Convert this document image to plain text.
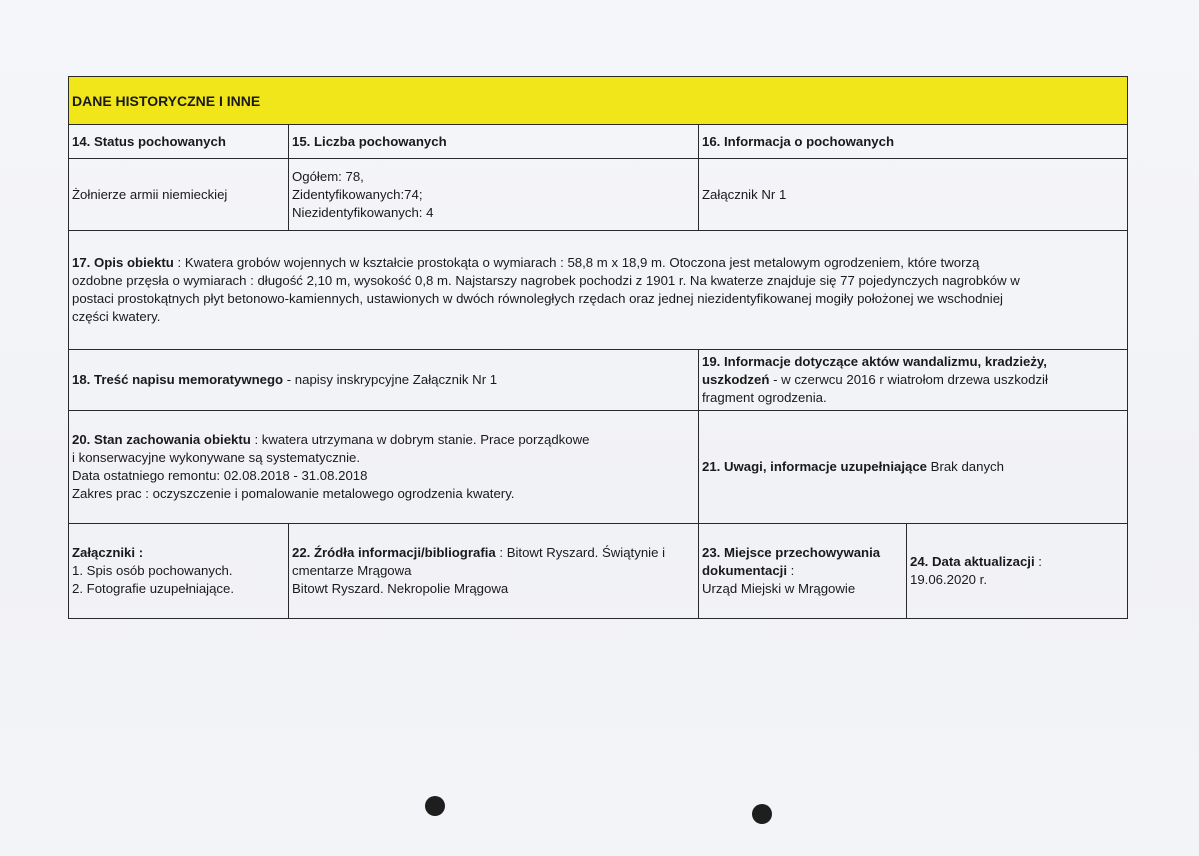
DANE HISTORYCZNE I INNE			
14. Status pochowanych	15. Liczba pochowanych	16. Informacja o pochowanych	
Żołnierze armii niemieckiej	Ogółem: 78,
Zidentyfikowanych:74;
Niezidentyfikowanych: 4	Załącznik Nr 1	

17. Opis obiektu : Kwatera grobów wojennych w kształcie prostokąta o wymiarach : 58,8 m x 18,9 m. Otoczona jest metalowym ogrodzeniem, które tworzą
ozdobne przęsła o wymiarach : długość 2,10 m, wysokość 0,8 m. Najstarszy nagrobek pochodzi z 1901 r. Na kwaterze znajduje się 77 pojedynczych nagrobków w
postaci prostokątnych płyt betonowo-kamiennych, ustawionych w dwóch równoległych rzędach oraz jednej niezidentyfikowanej mogiły położonej we wschodniej
części kwatery.			

18. Treść napisu memoratywnego - napisy inskrypcyjne Załącznik Nr 1		19. Informacje dotyczące aktów wandalizmu, kradzieży,
uszkodzeń - w czerwcu 2016 r wiatrołom drzewa uszkodził
fragment ogrodzenia.	

20. Stan zachowania obiektu : kwatera utrzymana w dobrym stanie. Prace porządkowe
i konserwacyjne wykonywane są systematycznie.
Data ostatniego remontu: 02.08.2018 - 31.08.2018
Zakres prac : oczyszczenie i pomalowanie metalowego ogrodzenia kwatery.		21. Uwagi, informacje uzupełniające Brak danych	

Załączniki :
1. Spis osób pochowanych.
2. Fotografie uzupełniające.	22. Źródła informacji/bibliografia : Bitowt Ryszard. Świątynie i
cmentarze Mrągowa
Bitowt Ryszard. Nekropolie Mrągowa	23. Miejsce przechowywania
dokumentacji :
Urząd Miejski w Mrągowie	24. Data aktualizacji :
19.06.2020 r.
